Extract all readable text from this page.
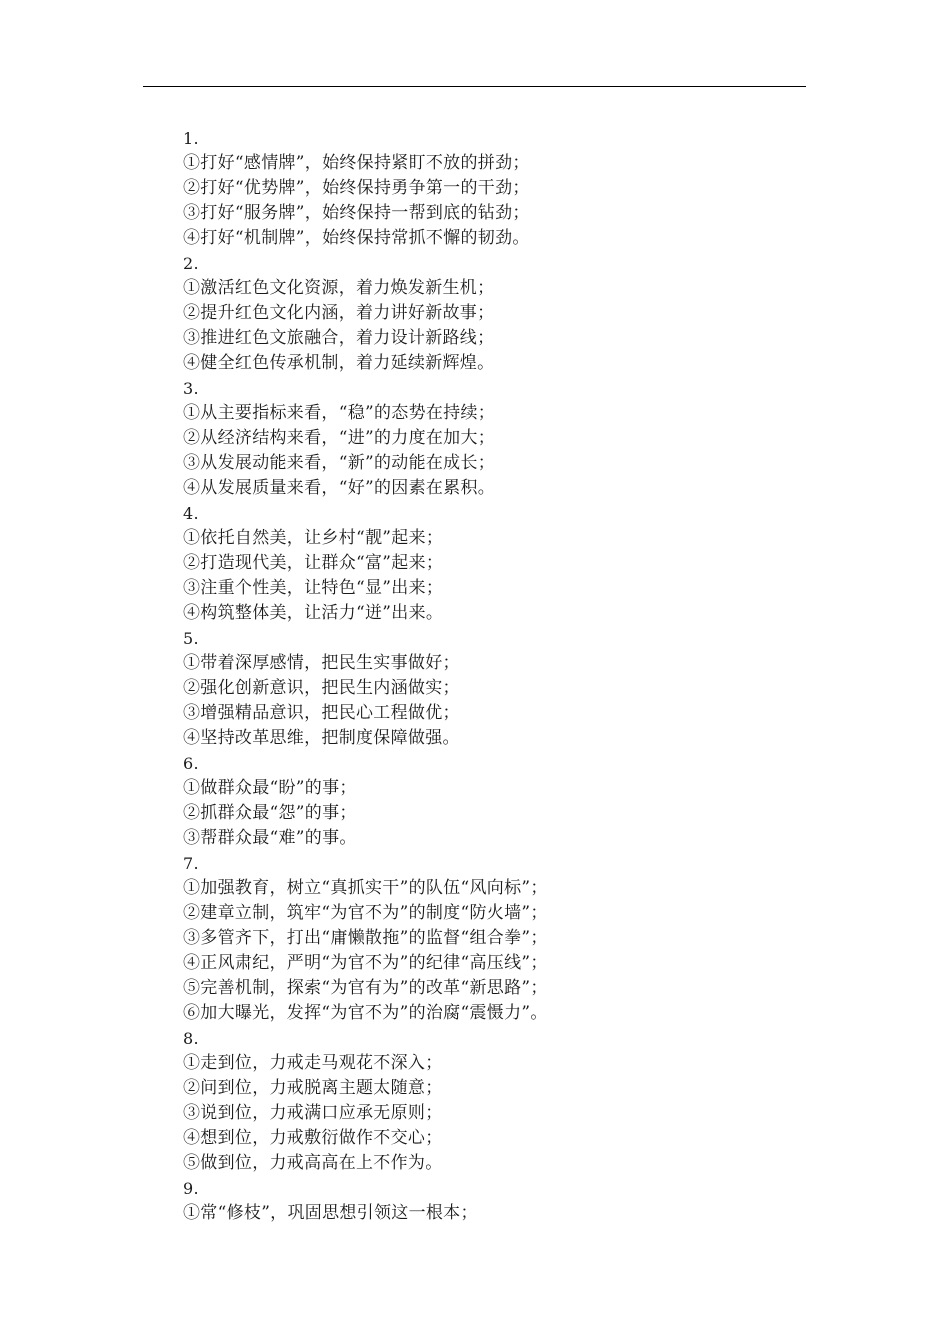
1.
①打好“感情牌”，始终保持紧盯不放的拼劲；
②打好“优势牌”，始终保持勇争第一的干劲；
③打好“服务牌”，始终保持一帮到底的钻劲；
④打好“机制牌”，始终保持常抓不懈的韧劲。
2.
①激活红色文化资源，着力焕发新生机；
②提升红色文化内涵，着力讲好新故事；
③推进红色文旅融合，着力设计新路线；
④健全红色传承机制，着力延续新辉煌。
3.
①从主要指标来看，“稳”的态势在持续；
②从经济结构来看，“进”的力度在加大；
③从发展动能来看，“新”的动能在成长；
④从发展质量来看，“好”的因素在累积。
4.
①依托自然美，让乡村“靓”起来；
②打造现代美，让群众“富”起来；
③注重个性美，让特色“显”出来；
④构筑整体美，让活力“迸”出来。
5.
①带着深厚感情，把民生实事做好；
②强化创新意识，把民生内涵做实；
③增强精品意识，把民心工程做优；
④坚持改革思维，把制度保障做强。
6.
①做群众最“盼”的事；
②抓群众最“怨”的事；
③帮群众最“难”的事。
7.
①加强教育，树立“真抓实干”的队伍“风向标”；
②建章立制，筑牢“为官不为”的制度“防火墙”；
③多管齐下，打出“庸懒散拖”的监督“组合拳”；
④正风肃纪，严明“为官不为”的纪律“高压线”；
⑤完善机制，探索“为官有为”的改革“新思路”；
⑥加大曝光，发挥“为官不为”的治腐“震慑力”。
8.
①走到位，力戒走马观花不深入；
②问到位，力戒脱离主题太随意；
③说到位，力戒满口应承无原则；
④想到位，力戒敷衍做作不交心；
⑤做到位，力戒高高在上不作为。
9.
①常“修枝”，巩固思想引领这一根本；
